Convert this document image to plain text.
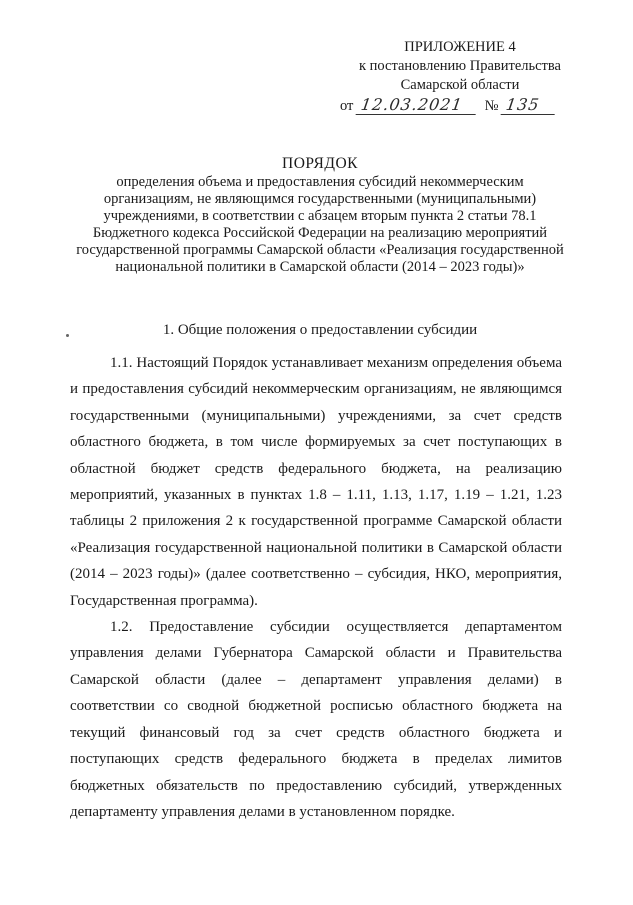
ПРИЛОЖЕНИЕ 4
к постановлению Правительства
Самарской области
от 12.03.2021 № 135
ПОРЯДОК
определения объема и предоставления субсидий некоммерческим организациям, не являющимся государственными (муниципальными) учреждениями, в соответствии с абзацем вторым пункта 2 статьи 78.1 Бюджетного кодекса Российской Федерации на реализацию мероприятий государственной программы Самарской области «Реализация государственной национальной политики в Самарской области (2014 – 2023 годы)»
1. Общие положения о предоставлении субсидии

1.1. Настоящий Порядок устанавливает механизм определения объема и предоставления субсидий некоммерческим организациям, не являющимся государственными (муниципальными) учреждениями, за счет средств областного бюджета, в том числе формируемых за счет поступающих в областной бюджет средств федерального бюджета, на реализацию мероприятий, указанных в пунктах 1.8 – 1.11, 1.13, 1.17, 1.19 – 1.21, 1.23 таблицы 2 приложения 2 к государственной программе Самарской области «Реализация государственной национальной политики в Самарской области (2014 – 2023 годы)» (далее соответственно – субсидия, НКО, мероприятия, Государственная программа).

1.2. Предоставление субсидии осуществляется департаментом управления делами Губернатора Самарской области и Правительства Самарской области (далее – департамент управления делами) в соответствии со сводной бюджетной росписью областного бюджета на текущий финансовый год за счет средств областного бюджета и поступающих средств федерального бюджета в пределах лимитов бюджетных обязательств по предоставлению субсидий, утвержденных департаменту управления делами в установленном порядке.
